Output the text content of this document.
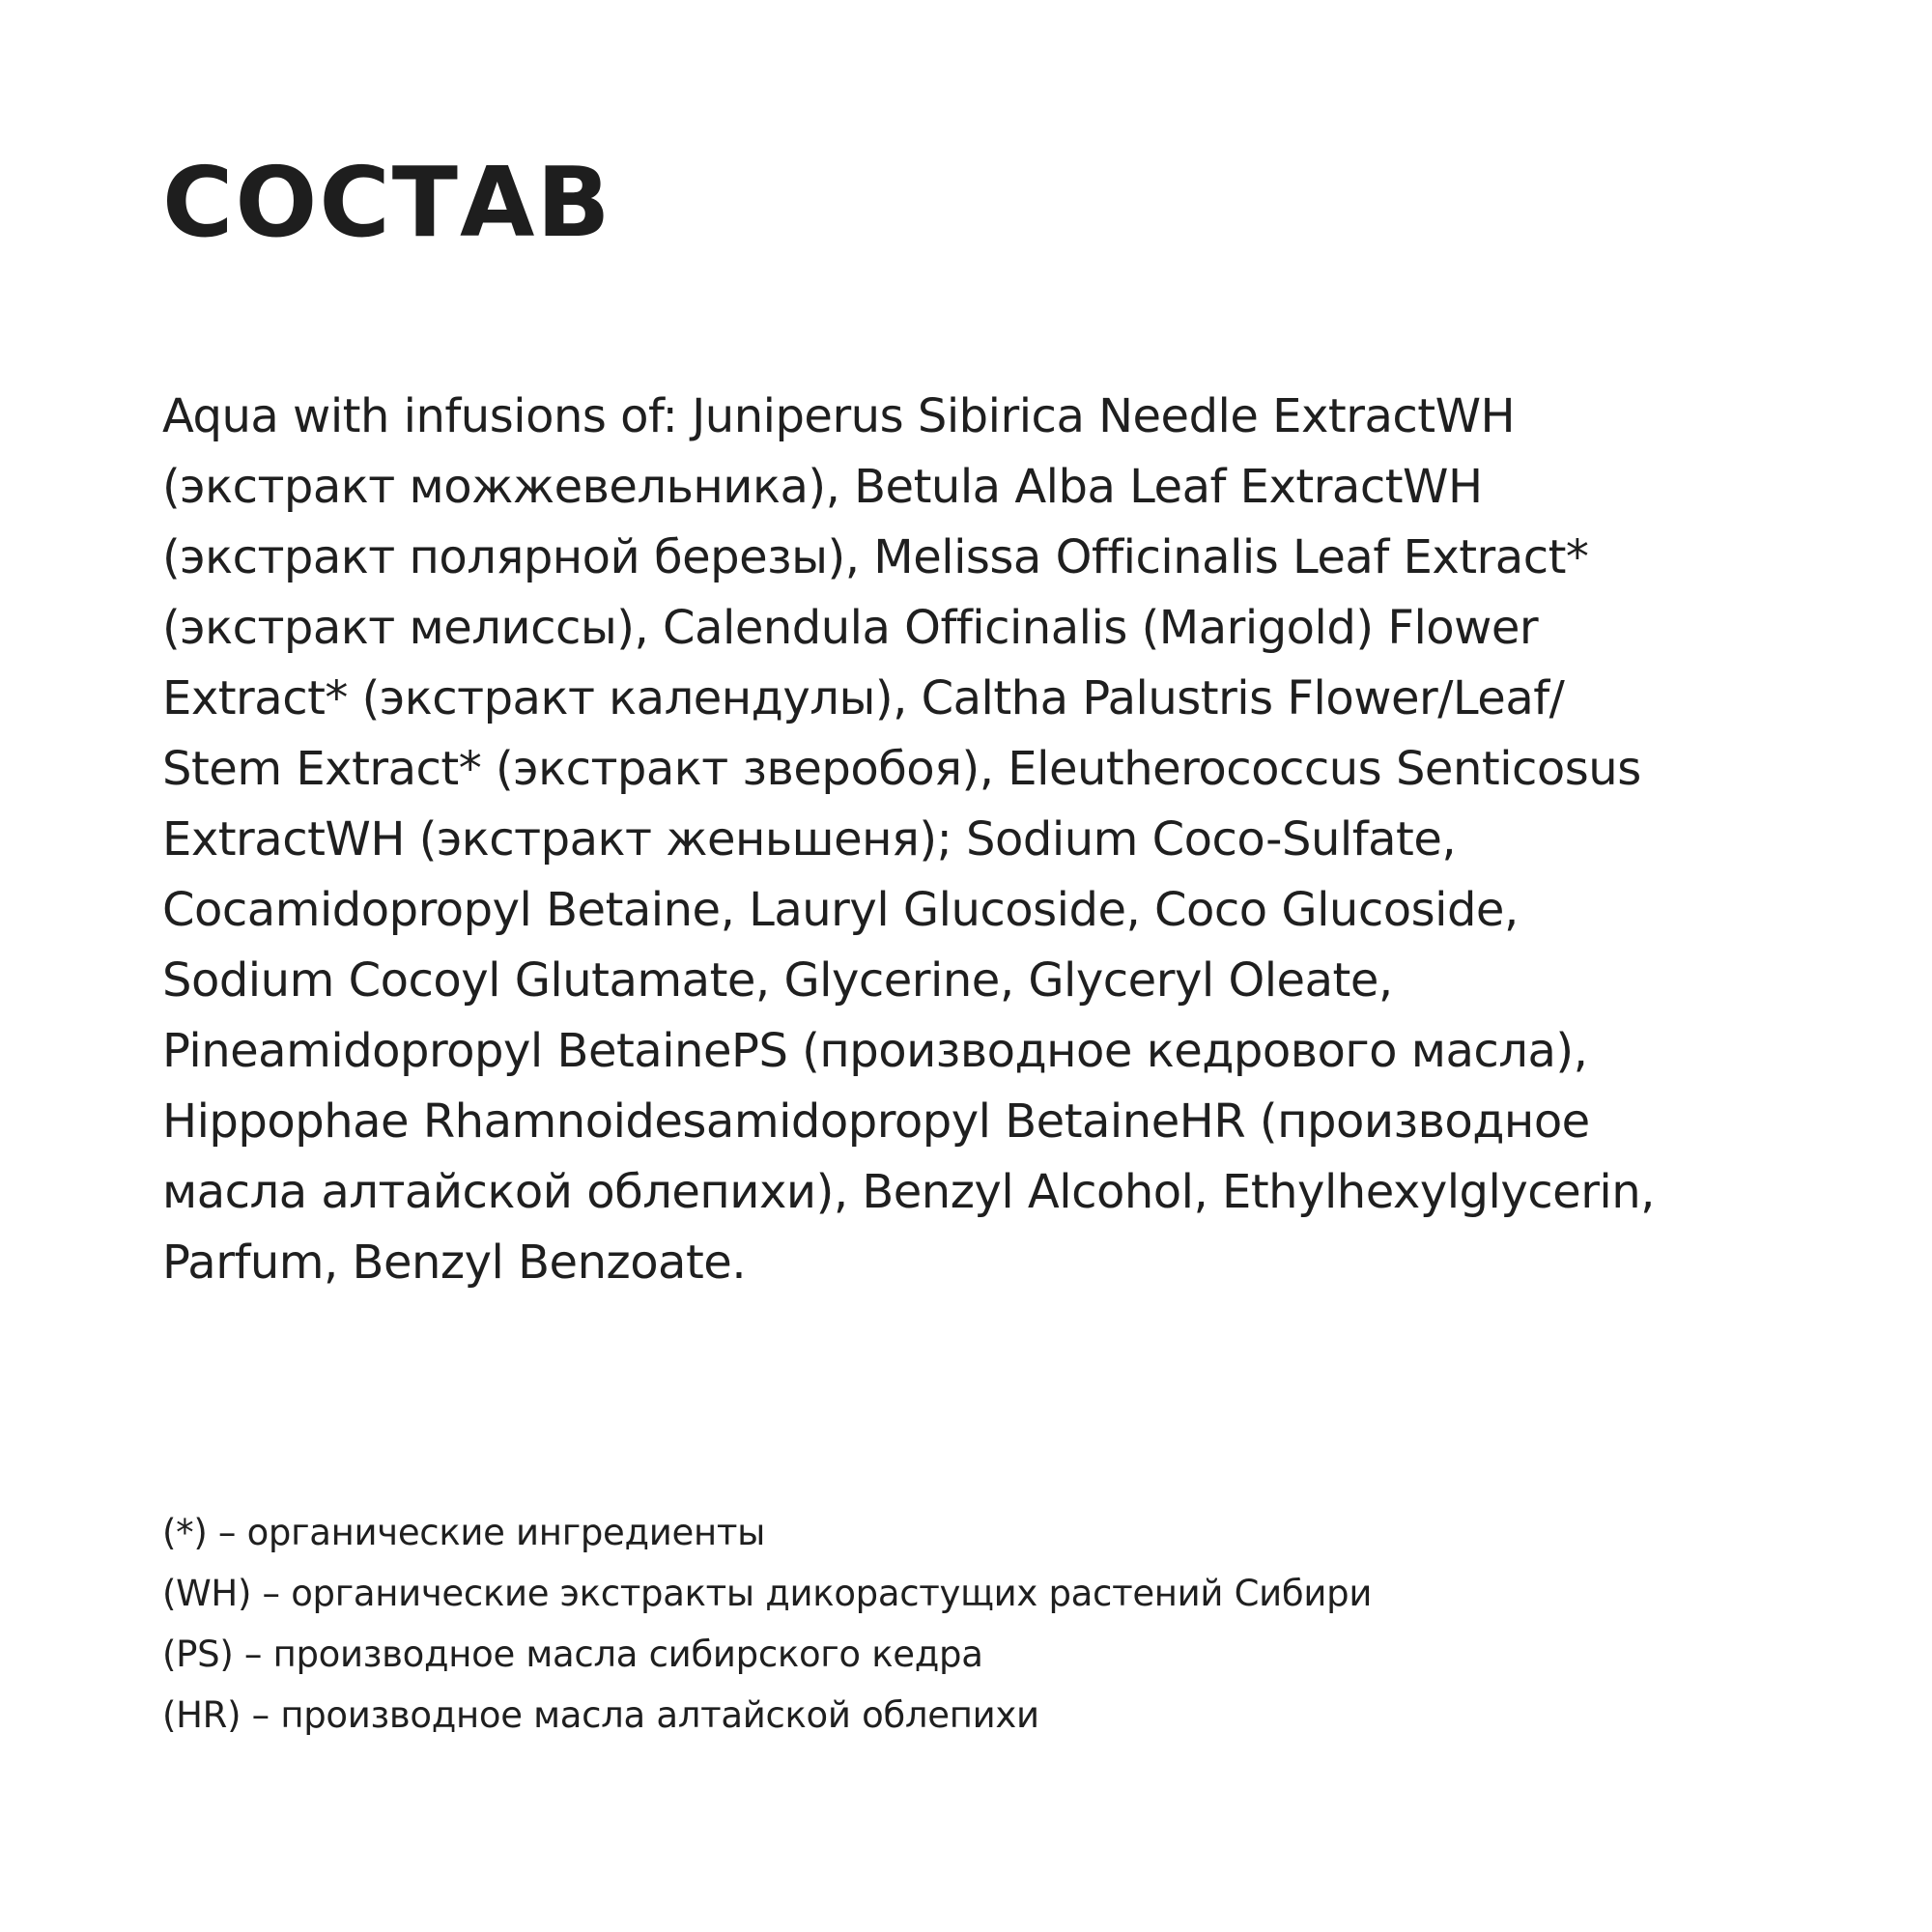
СОСТАВ

Aqua with infusions of: Juniperus Sibirica Needle ExtractWH
(экстракт можжевельника), Betula Alba Leaf ExtractWH
(экстракт полярной березы), Melissa Officinalis Leaf Extract*
(экстракт мелиссы), Calendula Officinalis (Marigold) Flower
Extract* (экстракт календулы), Caltha Palustris Flower/Leaf/
Stem Extract* (экстракт зверобоя), Eleutherococcus Senticosus
ExtractWH (экстракт женьшеня); Sodium Coco-Sulfate,
Cocamidopropyl Betaine, Lauryl Glucoside, Coco Glucoside,
Sodium Cocoyl Glutamate, Glycerine, Glyceryl Oleate,
Pineamidopropyl BetainePS (производное кедрового масла),
Hippophae Rhamnoidesamidopropyl BetaineHR (производное
масла алтайской облепихи), Benzyl Alcohol, Ethylhexylglycerin,
Parfum, Benzyl Benzoate.

(*) – органические ингредиенты
(WH) – органические экстракты дикорастущих растений Сибири
(PS) – производное масла сибирского кедра
(HR) – производное масла алтайской облепихи
